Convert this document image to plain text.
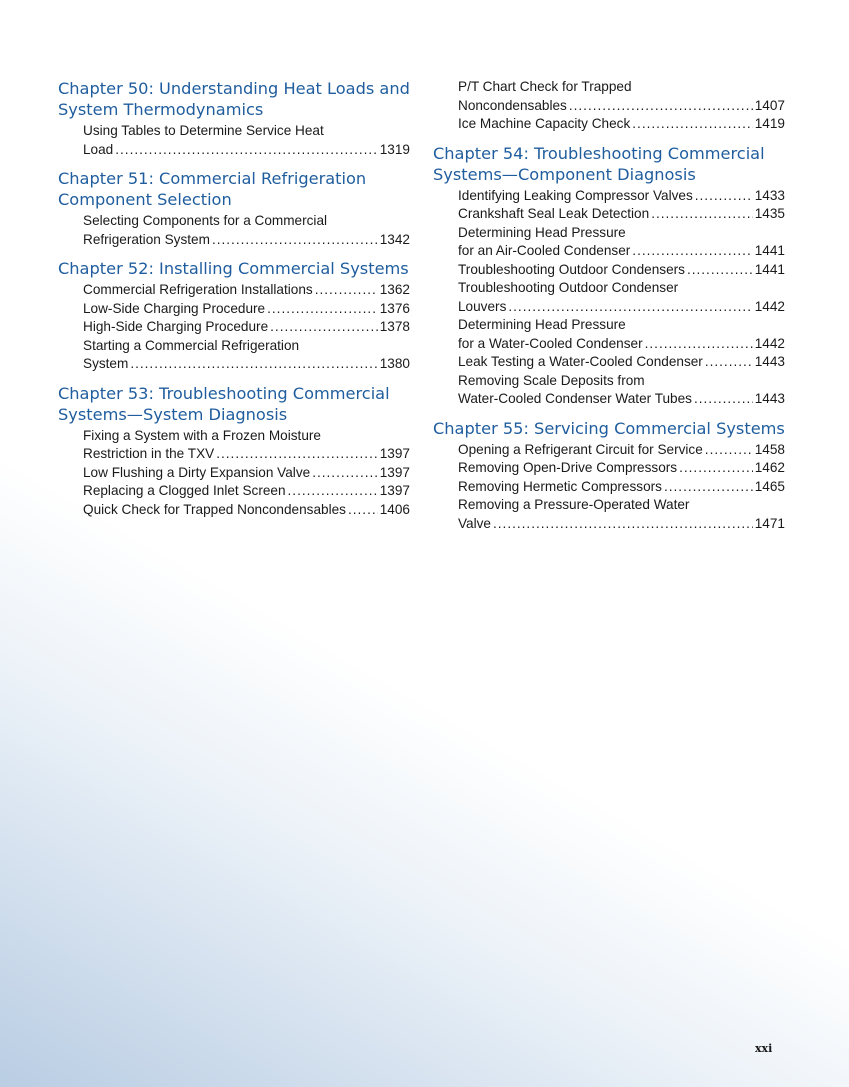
Chapter 50: Understanding Heat Loads and System Thermodynamics
Using Tables to Determine Service Heat
Load .....	1319
Chapter 51: Commercial Refrigeration Component Selection
Selecting Components for a Commercial
Refrigeration System .....	1342
Chapter 52: Installing Commercial Systems
Commercial Refrigeration Installations .....	1362
Low-Side Charging Procedure .....	1376
High-Side Charging Procedure .....	1378
Starting a Commercial Refrigeration
System .....	1380
Chapter 53: Troubleshooting Commercial Systems—System Diagnosis
Fixing a System with a Frozen Moisture
Restriction in the TXV .....	1397
Low Flushing a Dirty Expansion Valve .....	1397
Replacing a Clogged Inlet Screen .....	1397
Quick Check for Trapped Noncondensables ..... 1406
P/T Chart Check for Trapped
Noncondensables .....	1407
Ice Machine Capacity Check .....	1419
Chapter 54: Troubleshooting Commercial Systems—Component Diagnosis
Identifying Leaking Compressor Valves .....	1433
Crankshaft Seal Leak Detection .....	1435
Determining Head Pressure
for an Air-Cooled Condenser .....	1441
Troubleshooting Outdoor Condensers .....	1441
Troubleshooting Outdoor Condenser
Louvers .....	1442
Determining Head Pressure
for a Water-Cooled Condenser .....	1442
Leak Testing a Water-Cooled Condenser .....	1443
Removing Scale Deposits from
Water-Cooled Condenser Water Tubes .....	1443
Chapter 55: Servicing Commercial Systems
Opening a Refrigerant Circuit for Service .....	1458
Removing Open-Drive Compressors .....	1462
Removing Hermetic Compressors .....	1465
Removing a Pressure-Operated Water
Valve .....	1471
xxi
